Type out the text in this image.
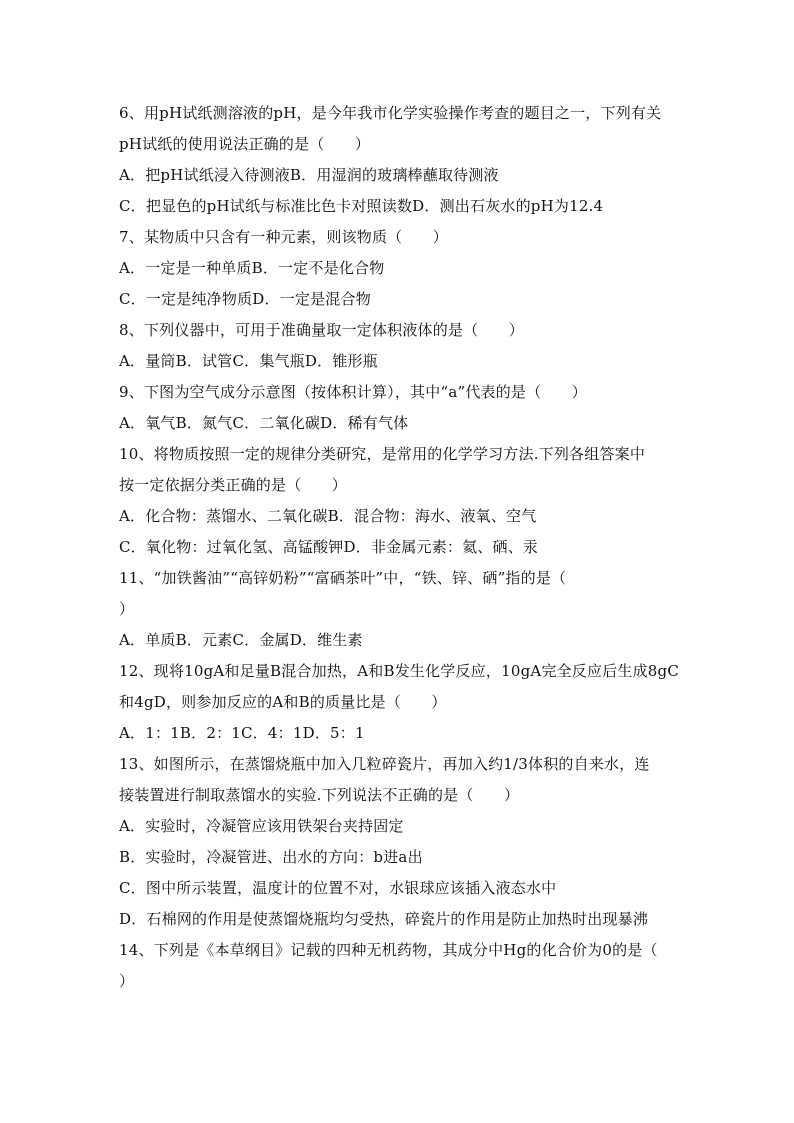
6、用pH试纸测溶液的pH，是今年我市化学实验操作考查的题目之一，下列有关
pH试纸的使用说法正确的是（　　）
A．把pH试纸浸入待测液B．用湿润的玻璃棒蘸取待测液
C．把显色的pH试纸与标准比色卡对照读数D．测出石灰水的pH为12.4
7、某物质中只含有一种元素，则该物质（　　）
A．一定是一种单质B．一定不是化合物
C．一定是纯净物质D．一定是混合物
8、下列仪器中，可用于准确量取一定体积液体的是（　　）
A．量筒B．试管C．集气瓶D．锥形瓶
9、下图为空气成分示意图（按体积计算），其中“a”代表的是（　　）
A．氧气B．氮气C．二氧化碳D．稀有气体
10、将物质按照一定的规律分类研究，是常用的化学学习方法.下列各组答案中
按一定依据分类正确的是（　　）
A．化合物：蒸馏水、二氧化碳B．混合物：海水、液氧、空气
C．氧化物：过氧化氢、高锰酸钾D．非金属元素：氦、硒、汞
11、“加铁酱油”“高锌奶粉”“富硒茶叶”中，“铁、锌、硒”指的是（
）
A．单质B．元素C．金属D．维生素
12、现将10gA和足量B混合加热，A和B发生化学反应，10gA完全反应后生成8gC
和4gD，则参加反应的A和B的质量比是（　　）
A．1：1B．2：1C．4：1D．5：1
13、如图所示，在蒸馏烧瓶中加入几粒碎瓷片，再加入约1/3体积的自来水，连
接装置进行制取蒸馏水的实验.下列说法不正确的是（　　）
A．实验时，冷凝管应该用铁架台夹持固定
B．实验时，冷凝管进、出水的方向：b进a出
C．图中所示装置，温度计的位置不对，水银球应该插入液态水中
D．石棉网的作用是使蒸馏烧瓶均匀受热，碎瓷片的作用是防止加热时出现暴沸
14、下列是《本草纲目》记载的四种无机药物，其成分中Hg的化合价为0的是（
）
